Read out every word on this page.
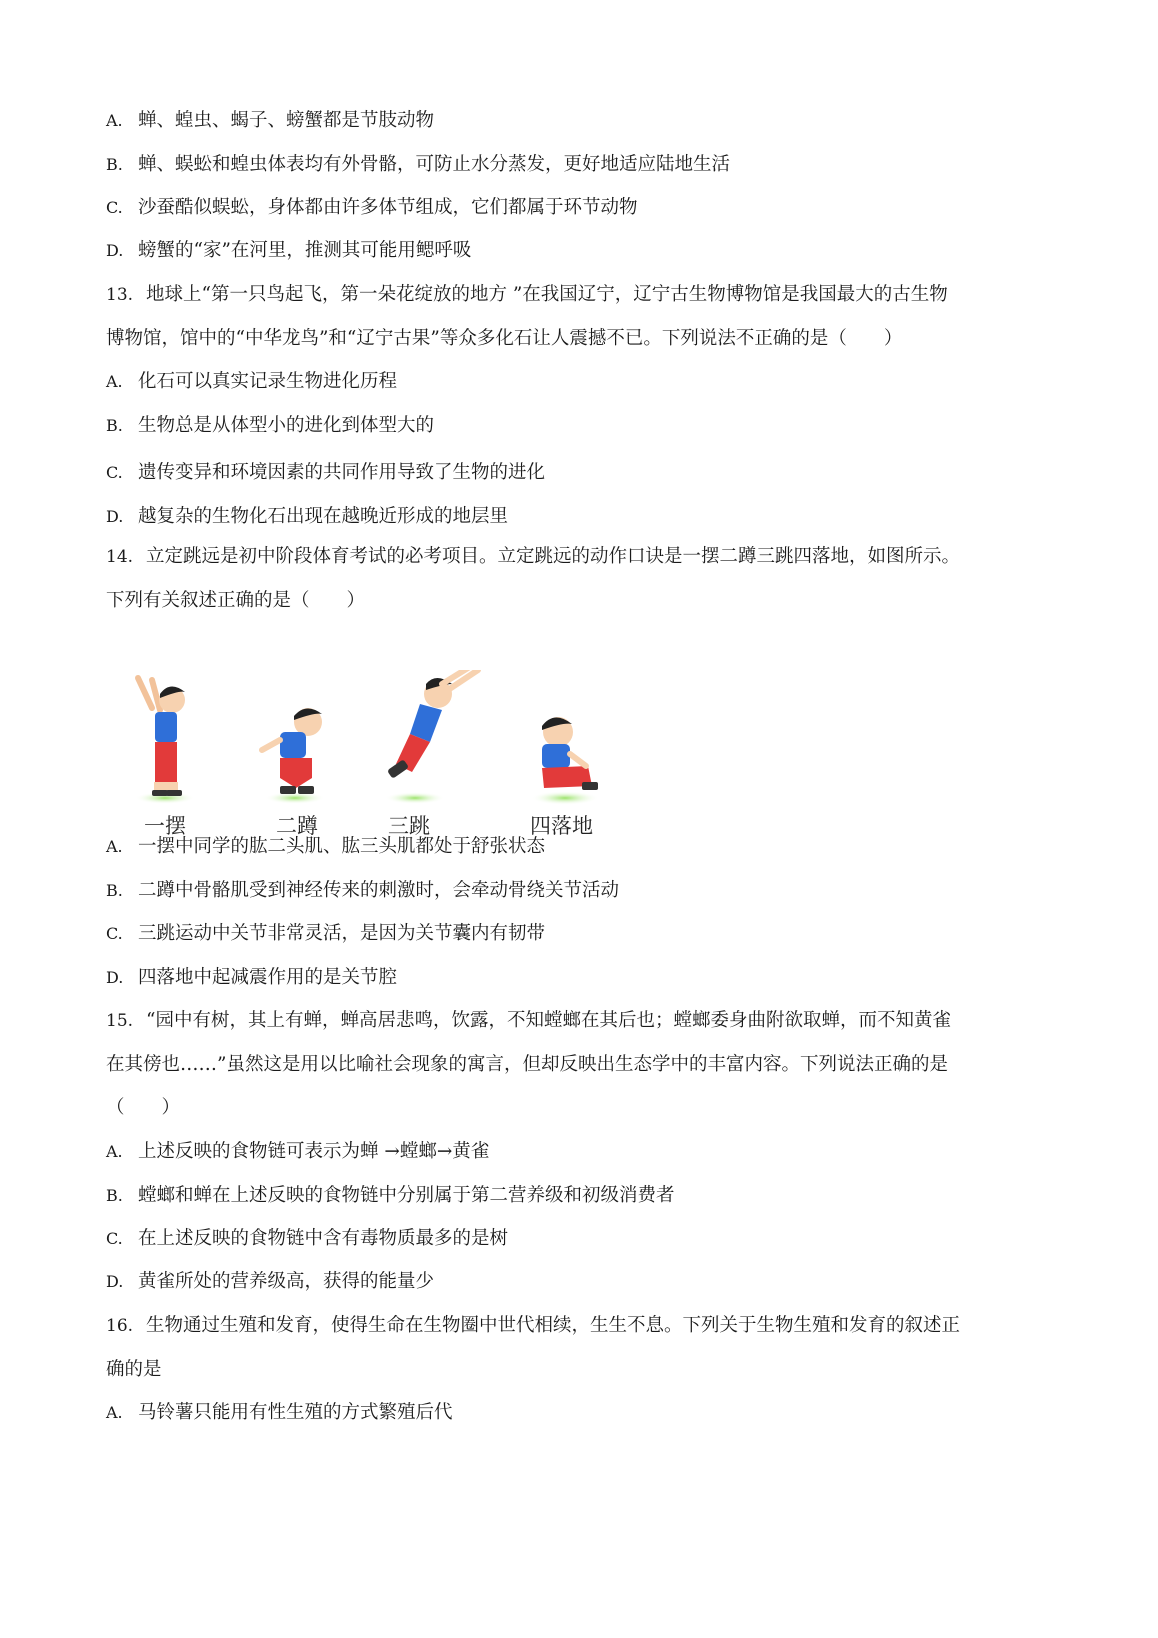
A. 蝉、蝗虫、蝎子、螃蟹都是节肢动物
B. 蝉、蜈蚣和蝗虫体表均有外骨骼，可防止水分蒸发，更好地适应陆地生活
C. 沙蚕酷似蜈蚣，身体都由许多体节组成，它们都属于环节动物
D. 螃蟹的“家”在河里，推测其可能用鳃呼吸
13. 地球上“第一只鸟起飞，第一朵花绽放的地方 ”在我国辽宁，辽宁古生物博物馆是我国最大的古生物
博物馆，馆中的“中华龙鸟”和“辽宁古果”等众多化石让人震撼不已。下列说法不正确的是（　　）
A. 化石可以真实记录生物进化历程
B. 生物总是从体型小的进化到体型大的
C. 遗传变异和环境因素的共同作用导致了生物的进化
D. 越复杂的生物化石出现在越晚近形成的地层里
14. 立定跳远是初中阶段体育考试的必考项目。立定跳远的动作口诀是一摆二蹲三跳四落地，如图所示。
下列有关叙述正确的是（　　）
一摆	二蹲	三跳	四落地
A. 一摆中同学的肱二头肌、肱三头肌都处于舒张状态
B. 二蹲中骨骼肌受到神经传来的刺激时，会牵动骨绕关节活动
C. 三跳运动中关节非常灵活，是因为关节囊内有韧带
D. 四落地中起减震作用的是关节腔
15. “园中有树，其上有蝉，蝉高居悲鸣，饮露，不知螳螂在其后也；螳螂委身曲附欲取蝉，而不知黄雀
在其傍也……”虽然这是用以比喻社会现象的寓言，但却反映出生态学中的丰富内容。下列说法正确的是
（　　）
A. 上述反映的食物链可表示为蝉 →螳螂→黄雀
B. 螳螂和蝉在上述反映的食物链中分别属于第二营养级和初级消费者
C. 在上述反映的食物链中含有毒物质最多的是树
D. 黄雀所处的营养级高，获得的能量少
16. 生物通过生殖和发育，使得生命在生物圈中世代相续，生生不息。下列关于生物生殖和发育的叙述正
确的是
A. 马铃薯只能用有性生殖的方式繁殖后代
